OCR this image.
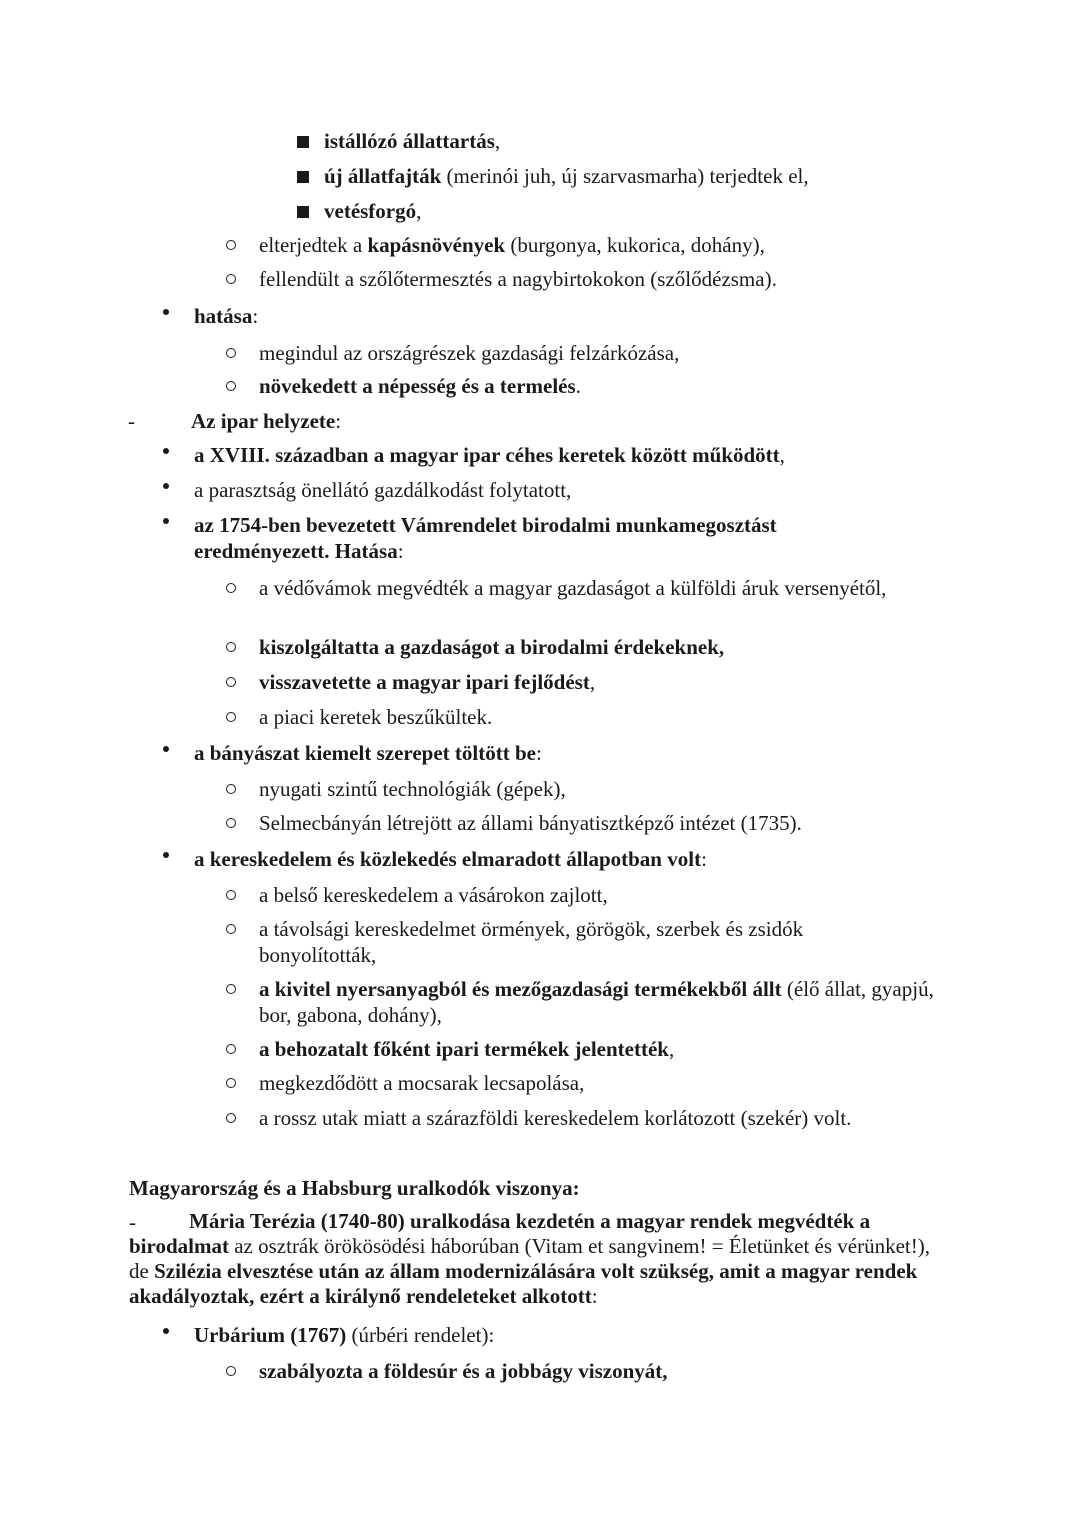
istállózó állattartás,
új állatfajták (merinói juh, új szarvasmarha) terjedtek el,
vetésforgó,
elterjedtek a kapásnövények (burgonya, kukorica, dohány),
fellendült a szőlőtermesztés a nagybirtokokon (szőlődézsma).
hatása:
megindul az országrészek gazdasági felzárkózása,
növekedett a népesség és a termelés.
-	Az ipar helyzete:
a XVIII. században a magyar ipar céhes keretek között működött,
a parasztság önellátó gazdálkodást folytatott,
az 1754-ben bevezetett Vámrendelet birodalmi munkamegosztást eredményezett. Hatása:
a védővámok megvédték a magyar gazdaságot a külföldi áruk versenyétől,
kiszolgáltatta a gazdaságot a birodalmi érdekeknek,
visszavetette a magyar ipari fejlődést,
a piaci keretek beszűkültek.
a bányászat kiemelt szerepet töltött be:
nyugati szintű technológiák (gépek),
Selmecbányán létrejött az állami bányatisztképző intézet (1735).
a kereskedelem és közlekedés elmaradott állapotban volt:
a belső kereskedelem a vásárokon zajlott,
a távolsági kereskedelmet örmények, görögök, szerbek és zsidók bonyolították,
a kivitel nyersanyagból és mezőgazdasági termékekből állt (élő állat, gyapjú, bor, gabona, dohány),
a behozatalt főként ipari termékek jelentették,
megkezdődött a mocsarak lecsapolása,
a rossz utak miatt a szárazföldi kereskedelem korlátozott (szekér) volt.
Magyarország és a Habsburg uralkodók viszonya:
-	Mária Terézia (1740-80) uralkodása kezdetén a magyar rendek megvédték a birodalmat az osztrák örökösödési háborúban (Vitam et sangvinem! = Életünket és vérünket!), de Szilézia elvesztése után az állam modernizálására volt szükség, amit a magyar rendek akadályoztak, ezért a királynő rendeleteket alkotott:
Urbárium (1767) (úrbéri rendelet):
szabályozta a földesúr és a jobbágy viszonyát,
